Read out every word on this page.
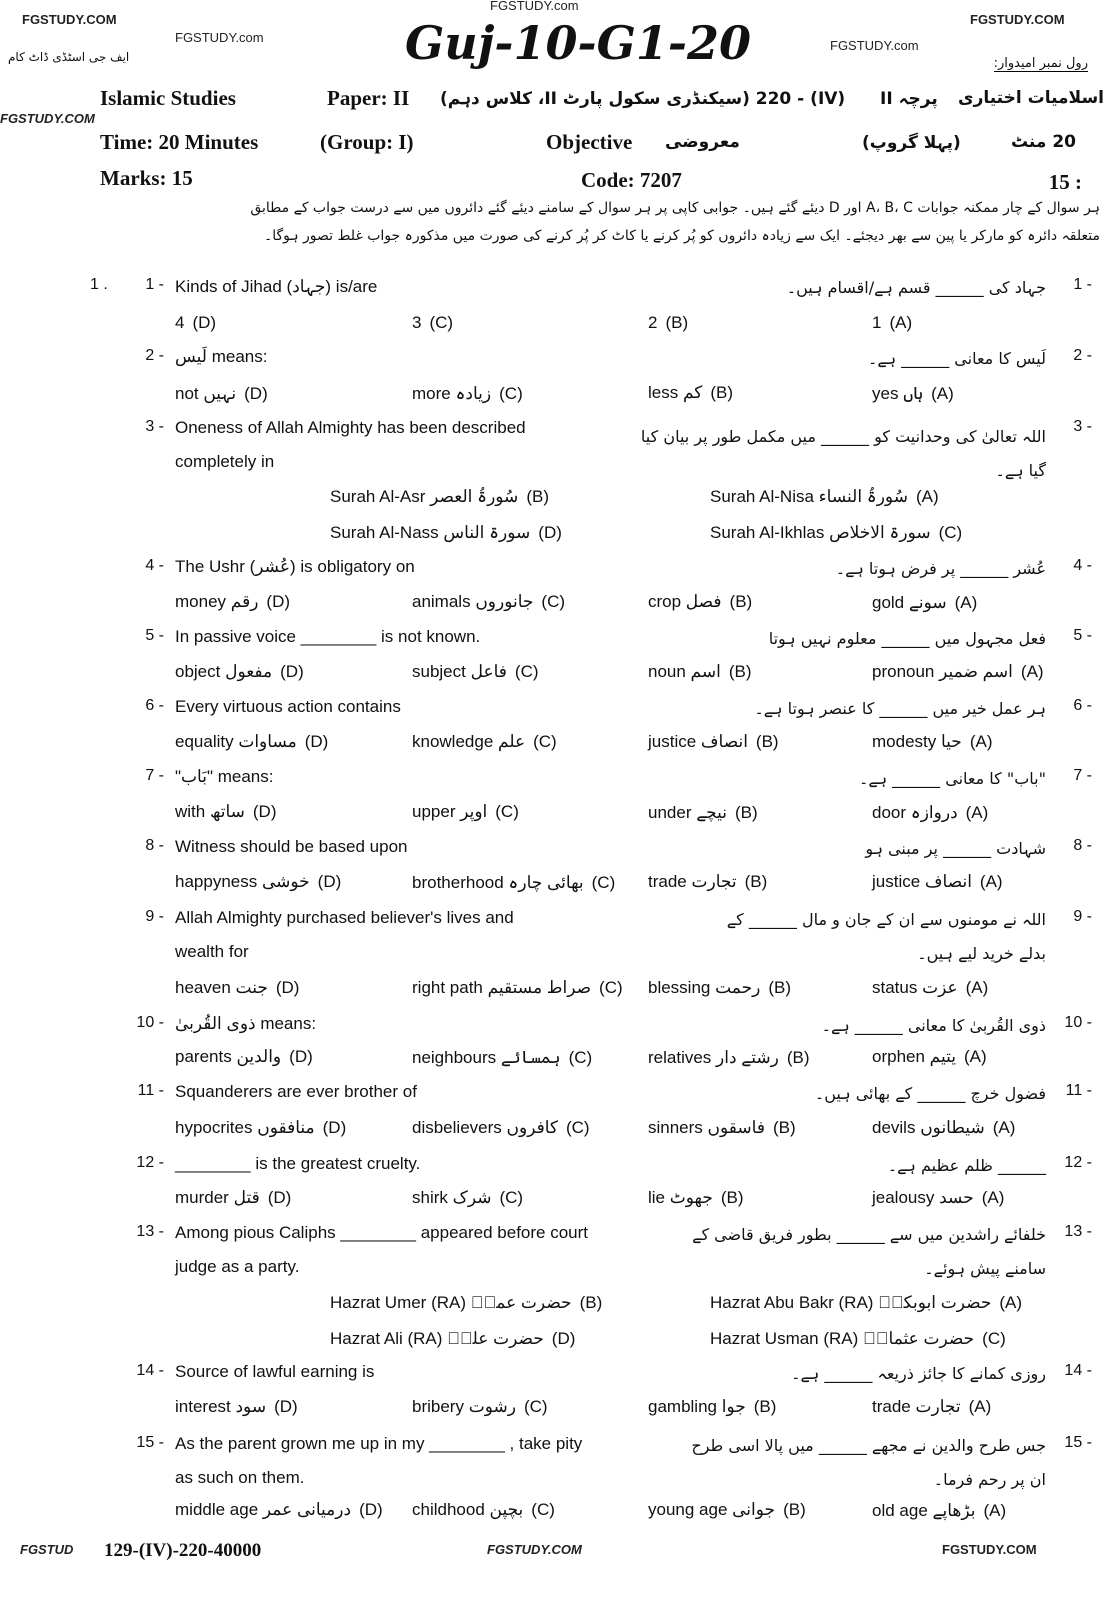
FGSTUDY.COM
FGSTUDY.com
ایف جی اسٹڈی ڈاٹ کام
FGSTUDY.com
Guj-10-G1-20	FGSTUDY.COM
FGSTUDY.com
رول نمبر امیدوار:
Islamic Studies	Paper: II (IV) - 220 (سیکنڈری سکول پارٹ II، کلاس دہم) پرچہ II اسلامیات اختیاری
FGSTUDY.COM
Time: 20 Minutes	(Group: I)	Objective معروضی	(پہلا گروپ)	20 منٹ
Marks: 15	Code: 7207	15 :
ہر سوال کے چار ممکنہ جوابات A، B، C اور D دیئے گئے ہیں۔ جوابی کاپی پر ہر سوال کے سامنے دیئے گئے دائروں میں سے درست جواب کے مطابق
متعلقہ دائرہ کو مارکر یا پین سے بھر دیجئے۔ ایک سے زیادہ دائروں کو پُر کرنے یا کاٹ کر پُر کرنے کی صورت میں مذکورہ جواب غلط تصور ہوگا۔
1 .	1 - Kinds of Jihad (جہاد) is/are	1 -
جہاد کی ______ قسم ہے/اقسام ہیں۔
4 (D)	3 (C)	2 (B)	1 (A)
2 - لَیس means:	2 -
لَیس کا معانی ______ ہے۔
not نہیں (D)	more زیادہ (C)	less کم (B)	yes ہاں (A)
3 - Oneness of Allah Almighty has been described
completely in
3 -
اللہ تعالیٰ کی وحدانیت کو ______ میں مکمل طور پر بیان کیا گیا ہے۔
Surah Al-Asr سُورۃُ العصر (B)	Surah Al-Nisa سُورۃُ النساء (A)
Surah Al-Nass سورۃ الناس (D)	Surah Al-Ikhlas سورۃ الاخلاص (C)
4 - The Ushr (عُشر) is obligatory on	4 -
عُشر ______ پر فرض ہوتا ہے۔
money رقم (D)	animals جانوروں (C)	crop فصل (B)	gold سونے (A)
5 - In passive voice ________ is not known.	5 -
فعل مجہول میں ______ معلوم نہیں ہوتا
object مفعول (D)	subject فاعل (C)	noun اسم (B)	pronoun اسم ضمیر (A)
6 - Every virtuous action contains	6 -
ہر عمل خیر میں ______ کا عنصر ہوتا ہے۔
equality مساوات (D)	knowledge علم (C)	justice انصاف (B)	modesty حیا (A)
7 - "بَاب" means:	7 -
"باب" کا معانی ______ ہے۔
with ساتھ (D)	upper اوپر (C)	under نیچے (B)	door دروازہ (A)
8 - Witness should be based upon	8 -
شہادت ______ پر مبنی ہو
happyness خوشی (D)	brotherhood بھائی چارہ (C) trade تجارت (B)	justice انصاف (A)
9 - Allah Almighty purchased believer's lives and
wealth for
9 -
اللہ نے مومنوں سے ان کے جان و مال ______ کے
بدلے خرید لیے ہیں۔
heaven جنت (D)	right path صراط مستقیم (C) blessing رحمت (B)	status عزت (A)
10 - ذوی القُربیٰ means:	10 -
ذوی القُربیٰ کا معانی ______ ہے۔
parents والدین (D)	neighbours ہمسائے (C)	relatives رشتے دار (B)	orphen یتیم (A)
11 - Squanderers are ever brother of	11 -
فضول خرچ ______ کے بھائی ہیں۔
hypocrites منافقوں (D)	disbelievers کافروں (C)	sinners فاسقوں (B)	devils شیطانوں (A)
12 - ________ is the greatest cruelty.	12 -
______ ظلم عظیم ہے۔
murder قتل (D)	shirk شرک (C)	lie جھوٹ (B)	jealousy حسد (A)
13 - Among pious Caliphs ________ appeared before court
judge as a party.
13 -
خلفائے راشدین میں سے ______ بطور فریق قاضی کے
سامنے پیش ہوئے۔
Hazrat Umer (RA) حضرت عمرؓ (B)	Hazrat Abu Bakr (RA) حضرت ابوبکرؓ (A)
Hazrat Ali (RA) حضرت علیؓ (D)	Hazrat Usman (RA) حضرت عثمانؓ (C)
14 - Source of lawful earning is	14 -
روزی کمانے کا جائز ذریعہ ______ ہے۔
interest سود (D)	bribery رشوت (C)	gambling جوا (B)	trade تجارت (A)
15 - As the parent grown me up in my ________ , take pity
as such on them.
15 -
جس طرح والدین نے مجھے ______ میں پالا اسی طرح
ان پر رحم فرما۔
middle age درمیانی عمر (D) childhood بچپن (C)	young age جوانی (B)	old age بڑھاپے (A)
FGSTUD 129-(IV)-220-40000	FGSTUDY.COM	FGSTUDY.COM
